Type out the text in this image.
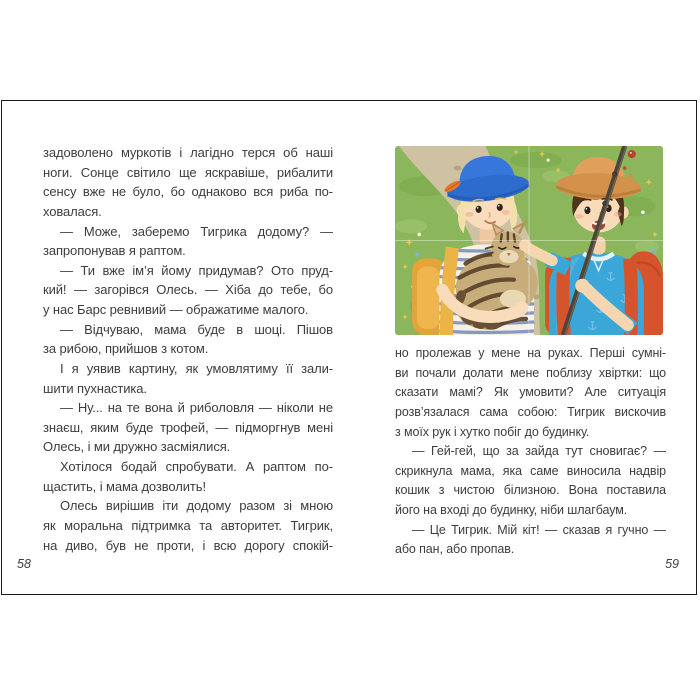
задоволено муркотів і лагідно терся об наші
ноги. Сонце світило ще яскравіше, рибалити
сенсу вже не було, бо однаково вся риба по-
ховалася.
— Може, заберемо Тигрика додому? —
запропонував я раптом.
— Ти вже ім’я йому придумав? Ото пруд-
кий! — загорівся Олесь. — Хіба до тебе, бо
у нас Барс ревнивий — ображатиме малого.
— Відчуваю, мама буде в шоці. Пішов
за рибою, прийшов з котом.
І я уявив картину, як умовлятиму її зали-
шити пухнастика.
— Ну... на те вона й риболовля — ніколи не
знаєш, яким буде трофей, — підморгнув мені
Олесь, і ми дружно засміялися.
Хотілося бодай спробувати. А раптом по-
щастить, і мама дозволить!
Олесь вирішив іти додому разом зі мною
як моральна підтримка та авторитет. Тигрик,
на диво, був не проти, і всю дорогу спокій-
58
но пролежав у мене на руках. Перші сумні-
ви почали долати мене поблизу хвіртки: що
сказати мамі? Як умовити? Але ситуація
розв’язалася сама собою: Тигрик вискочив
з моїх рук і хутко побіг до будинку.
— Гей-гей, що за зайда тут сновигає? —
скрикнула мама, яка саме виносила надвір
кошик з чистою білизною. Вона поставила
його на вході до будинку, ніби шлагбаум.
— Це Тигрик. Мій кіт! — сказав я гучно —
або пан, або пропав.
59
